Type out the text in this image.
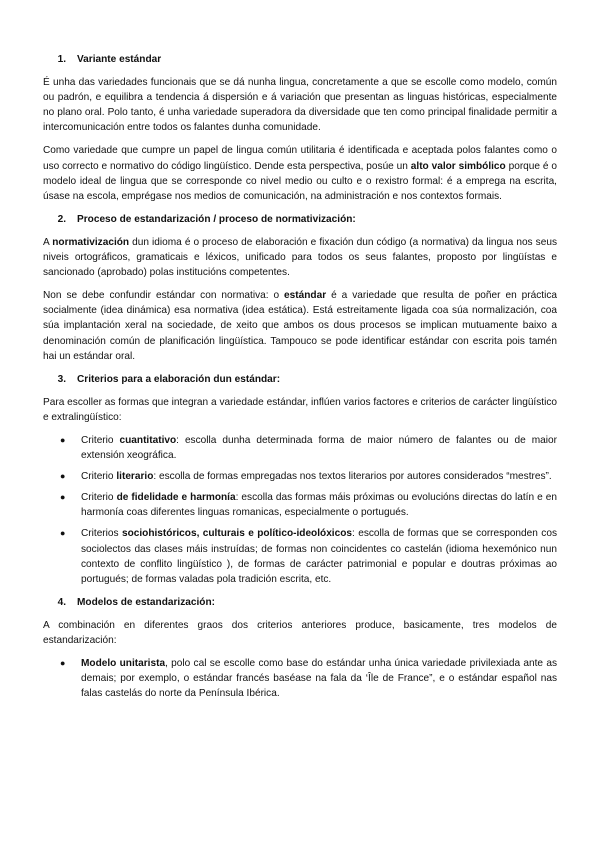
1.	Variante estándar

É unha das variedades funcionais que se dá nunha lingua, concretamente a que se escolle como modelo, común ou padrón, e equilibra a tendencia á dispersión e á variación que presentan as linguas históricas, especialmente no plano oral. Polo tanto, é unha variedade superadora da diversidade que ten como principal finalidade permitir a intercomunicación entre todos os falantes dunha comunidade.

Como variedade que cumpre un papel de lingua común utilitaria é identificada e aceptada polos falantes como o uso correcto e normativo do código lingüístico. Dende esta perspectiva, posúe un alto valor simbólico porque é o modelo ideal de lingua que se corresponde co nivel medio ou culto e o rexistro formal: é a emprega na escrita, úsase na escola, emprégase nos medios de comunicación, na administración e nos contextos formais.

2.	Proceso de estandarización / proceso de normativización:

A normativización dun idioma é o proceso de elaboración e fixación dun código (a normativa) da lingua nos seus niveis ortográficos, gramaticais e léxicos, unificado para todos os seus falantes, proposto por lingüístas e sancionado (aprobado) polas institucións competentes.

Non se debe confundir estándar con normativa: o estándar é a variedade que resulta de poñer en práctica socialmente (idea dinámica) esa normativa (idea estática). Está estreitamente ligada coa súa normalización, coa súa implantación xeral na sociedade, de xeito que ambos os dous procesos se implican mutuamente baixo a denominación común de planificación lingüística. Tampouco se pode identificar estándar con escrita pois tamén hai un estándar oral.

3.	Criterios para a elaboración dun estándar:

Para escoller as formas que integran a variedade estándar, inflúen varios factores e criterios de carácter lingüístico e extralingüístico:

●	Criterio cuantitativo: escolla dunha determinada forma de maior número de falantes ou de maior extensión xeográfica.
●	Criterio literario: escolla de formas empregadas nos textos literarios por autores considerados “mestres”.
●	Criterio de fidelidade e harmonía: escolla das formas máis próximas ou evolucións directas do latín e en harmonía coas diferentes linguas romanicas, especialmente o portugués.
●	Criterios sociohistóricos, culturais e político-ideolóxicos: escolla de formas que se corresponden cos sociolectos das clases máis instruídas; de formas non coincidentes co castelán (idioma hexemónico nun contexto de conflito lingüístico ), de formas de carácter patrimonial e popular e doutras próximas ao portugués; de formas valadas pola tradición escrita, etc.
4.	Modelos de estandarización:

A combinación en diferentes graos dos criterios anteriores produce, basicamente, tres modelos de estandarización:

●	Modelo unitarista, polo cal se escolle como base do estándar unha única variedade privilexiada ante as demais; por exemplo, o estándar francés baséase na fala da ‘Île de France”, e o estándar español nas falas castelás do norte da Península Ibérica.
